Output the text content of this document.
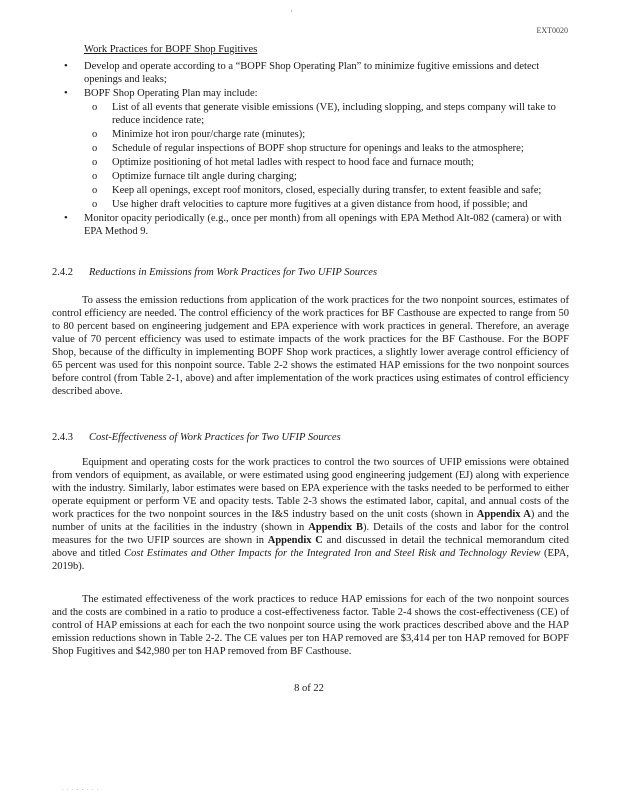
·
EXT0020
Work Practices for BOPF Shop Fugitives
• Develop and operate according to a “BOPF Shop Operating Plan” to minimize fugitive emissions and detect openings and leaks;
• BOPF Shop Operating Plan may include:
o List of all events that generate visible emissions (VE), including slopping, and steps company will take to reduce incidence rate;
o Minimize hot iron pour/charge rate (minutes);
o Schedule of regular inspections of BOPF shop structure for openings and leaks to the atmosphere;
o Optimize positioning of hot metal ladles with respect to hood face and furnace mouth;
o Optimize furnace tilt angle during charging;
o Keep all openings, except roof monitors, closed, especially during transfer, to extent feasible and safe;
o Use higher draft velocities to capture more fugitives at a given distance from hood, if possible; and
• Monitor opacity periodically (e.g., once per month) from all openings with EPA Method Alt-082 (camera) or with EPA Method 9.
2.4.2 Reductions in Emissions from Work Practices for Two UFIP Sources

To assess the emission reductions from application of the work practices for the two nonpoint sources, estimates of control efficiency are needed. The control efficiency of the work practices for BF Casthouse are expected to range from 50 to 80 percent based on engineering judgement and EPA experience with work practices in general. Therefore, an average value of 70 percent efficiency was used to estimate impacts of the work practices for the BF Casthouse. For the BOPF Shop, because of the difficulty in implementing BOPF Shop work practices, a slightly lower average control efficiency of 65 percent was used for this nonpoint source. Table 2-2 shows the estimated HAP emissions for the two nonpoint sources before control (from Table 2-1, above) and after implementation of the work practices using estimates of control efficiency described above.

2.4.3 Cost-Effectiveness of Work Practices for Two UFIP Sources

Equipment and operating costs for the work practices to control the two sources of UFIP emissions were obtained from vendors of equipment, as available, or were estimated using good engineering judgement (EJ) along with experience with the industry. Similarly, labor estimates were based on EPA experience with the tasks needed to be performed to either operate equipment or perform VE and opacity tests. Table 2-3 shows the estimated labor, capital, and annual costs of the work practices for the two nonpoint sources in the I&S industry based on the unit costs (shown in Appendix A) and the number of units at the facilities in the industry (shown in Appendix B). Details of the costs and labor for the control measures for the two UFIP sources are shown in Appendix C and discussed in detail the technical memorandum cited above and titled Cost Estimates and Other Impacts for the Integrated Iron and Steel Risk and Technology Review (EPA, 2019b).

The estimated effectiveness of the work practices to reduce HAP emissions for each of the two nonpoint sources and the costs are combined in a ratio to produce a cost-effectiveness factor. Table 2-4 shows the cost-effectiveness (CE) of control of HAP emissions at each for each the two nonpoint source using the work practices described above and the HAP emission reductions shown in Table 2-2. The CE values per ton HAP removed are $3,414 per ton HAP removed for BOPF Shop Fugitives and $42,980 per ton HAP removed from BF Casthouse.

8 of 22
. . . . . . . .
